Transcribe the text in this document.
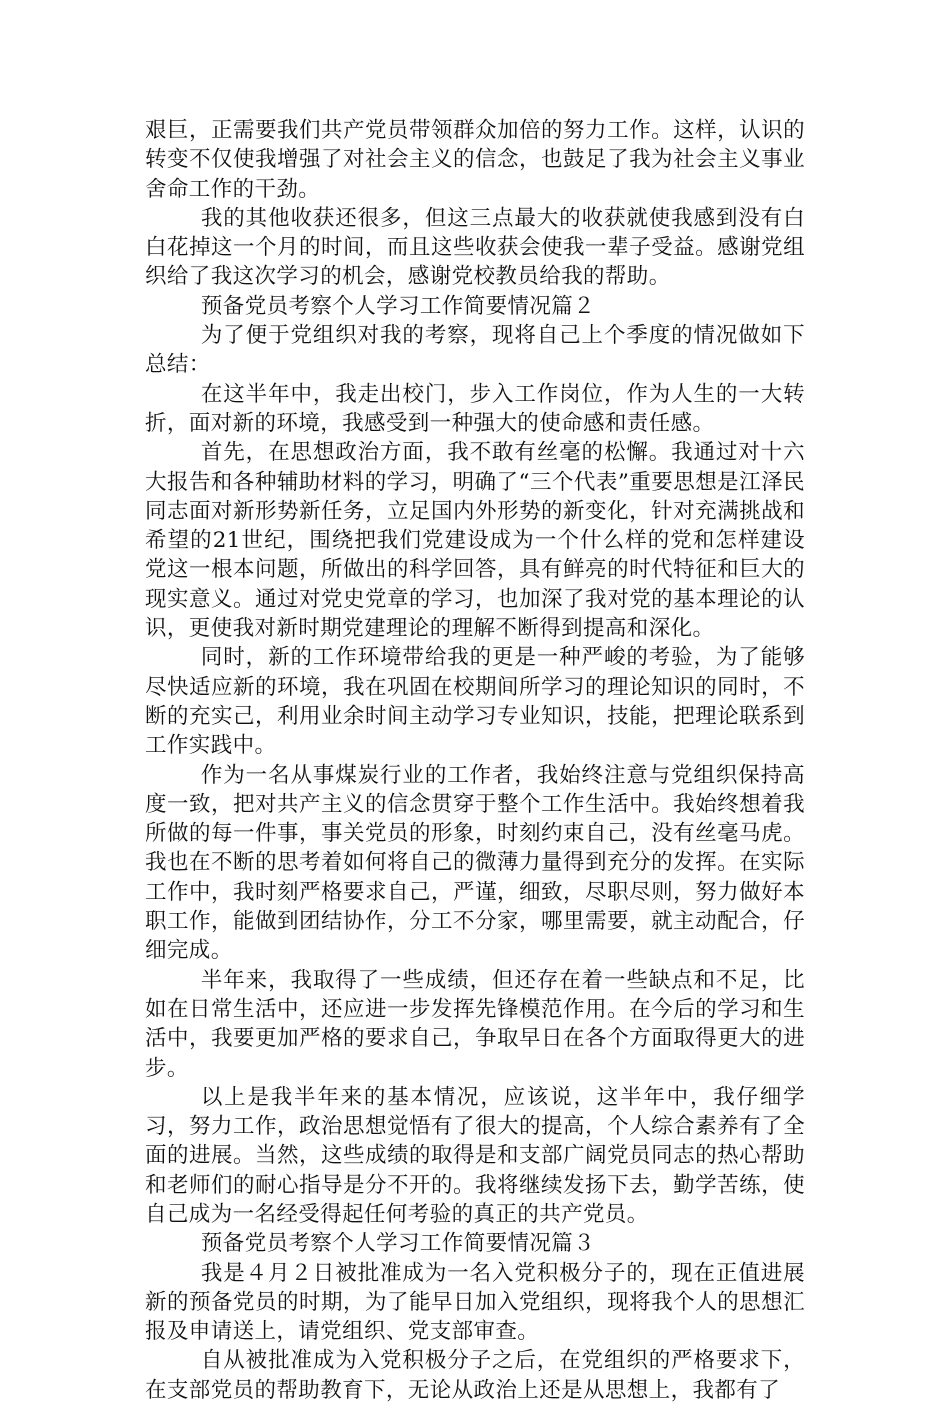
艰巨，正需要我们共产党员带领群众加倍的努力工作。这样，认识的转变不仅使我增强了对社会主义的信念，也鼓足了我为社会主义事业舍命工作的干劲。

我的其他收获还很多，但这三点最大的收获就使我感到没有白白花掉这一个月的时间，而且这些收获会使我一辈子受益。感谢党组织给了我这次学习的机会，感谢党校教员给我的帮助。

预备党员考察个人学习工作简要情况篇２

为了便于党组织对我的考察，现将自己上个季度的情况做如下总结：

在这半年中，我走出校门，步入工作岗位，作为人生的一大转折，面对新的环境，我感受到一种强大的使命感和责任感。

首先，在思想政治方面，我不敢有丝毫的松懈。我通过对十六大报告和各种辅助材料的学习，明确了“三个代表”重要思想是江泽民同志面对新形势新任务，立足国内外形势的新变化，针对充满挑战和希望的21世纪，围绕把我们党建设成为一个什么样的党和怎样建设党这一根本问题，所做出的科学回答，具有鲜亮的时代特征和巨大的现实意义。通过对党史党章的学习，也加深了我对党的基本理论的认识，更使我对新时期党建理论的理解不断得到提高和深化。

同时，新的工作环境带给我的更是一种严峻的考验，为了能够尽快适应新的环境，我在巩固在校期间所学习的理论知识的同时，不断的充实己，利用业余时间主动学习专业知识，技能，把理论联系到工作实践中。

作为一名从事煤炭行业的工作者，我始终注意与党组织保持高度一致，把对共产主义的信念贯穿于整个工作生活中。我始终想着我所做的每一件事，事关党员的形象，时刻约束自己，没有丝毫马虎。我也在不断的思考着如何将自己的微薄力量得到充分的发挥。在实际工作中，我时刻严格要求自己，严谨，细致，尽职尽则，努力做好本职工作，能做到团结协作，分工不分家，哪里需要，就主动配合，仔细完成。

半年来，我取得了一些成绩，但还存在着一些缺点和不足，比如在日常生活中，还应进一步发挥先锋模范作用。在今后的学习和生活中，我要更加严格的要求自己，争取早日在各个方面取得更大的进步。

以上是我半年来的基本情况，应该说，这半年中，我仔细学习，努力工作，政治思想觉悟有了很大的提高，个人综合素养有了全面的进展。当然，这些成绩的取得是和支部广阔党员同志的热心帮助和老师们的耐心指导是分不开的。我将继续发扬下去，勤学苦练，使自己成为一名经受得起任何考验的真正的共产党员。

预备党员考察个人学习工作简要情况篇３

我是４月２日被批准成为一名入党积极分子的，现在正值进展新的预备党员的时期，为了能早日加入党组织，现将我个人的思想汇报及申请送上，请党组织、党支部审查。

自从被批准成为入党积极分子之后，在党组织的严格要求下，在支部党员的帮助教育下，无论从政治上还是从思想上，我都有了
